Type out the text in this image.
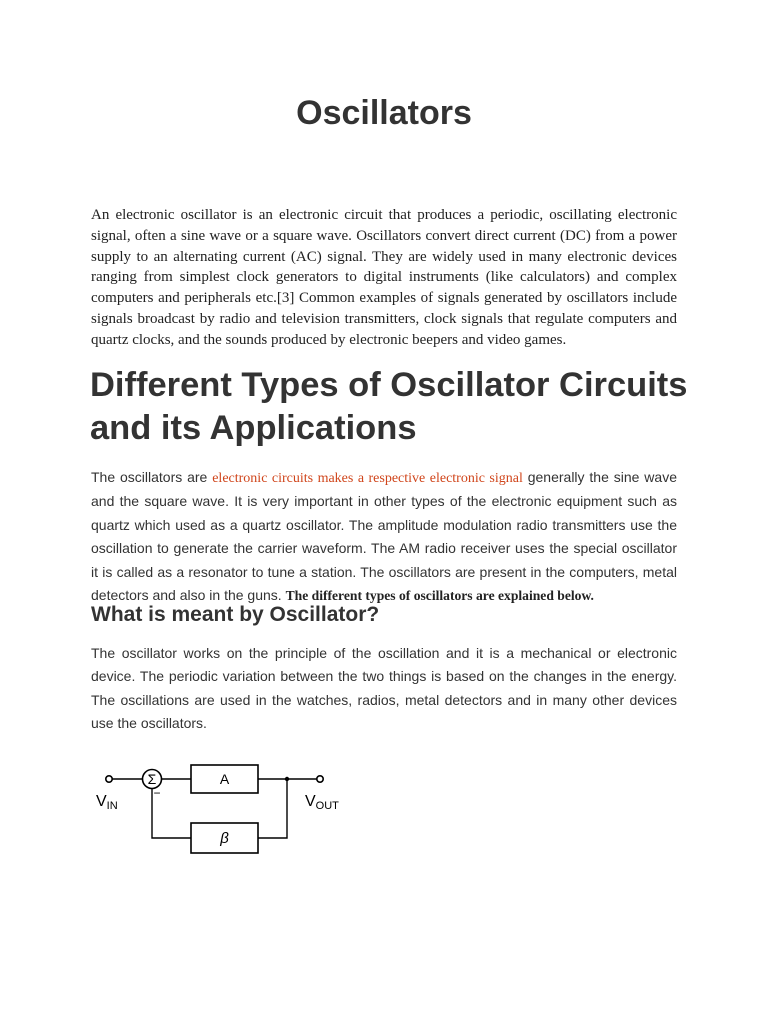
Oscillators

An electronic oscillator is an electronic circuit that produces a periodic, oscillating electronic signal, often a sine wave or a square wave. Oscillators convert direct current (DC) from a power supply to an alternating current (AC) signal. They are widely used in many electronic devices ranging from simplest clock generators to digital instruments (like calculators) and complex computers and peripherals etc.[3] Common examples of signals generated by oscillators include signals broadcast by radio and television transmitters, clock signals that regulate computers and quartz clocks, and the sounds produced by electronic beepers and video games.

Different Types of Oscillator Circuits and its Applications

The oscillators are electronic circuits makes a respective electronic signal generally the sine wave and the square wave. It is very important in other types of the electronic equipment such as quartz which used as a quartz oscillator. The amplitude modulation radio transmitters use the oscillation to generate the carrier waveform. The AM radio receiver uses the special oscillator it is called as a resonator to tune a station. The oscillators are present in the computers, metal detectors and also in the guns. The different types of oscillators are explained below.

What is meant by Oscillator?

The oscillator works on the principle of the oscillation and it is a mechanical or electronic device. The periodic variation between the two things is based on the changes in the energy. The oscillations are used in the watches, radios, metal detectors and in many other devices use the oscillators.

Σ
−
A
β
VIN	VOUT
